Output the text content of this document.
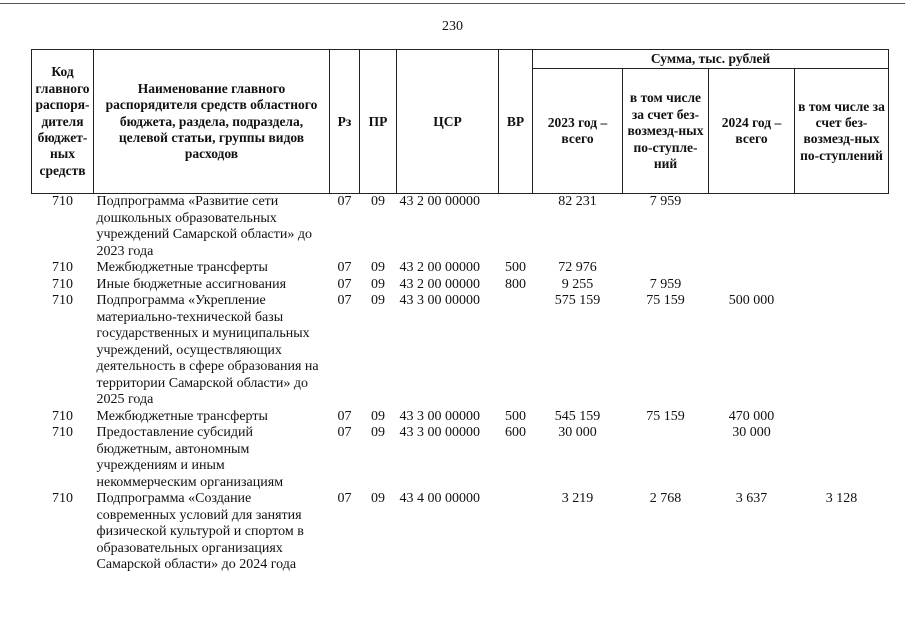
230
Код главного распоря-дителя бюджет-ных средств	Наименование главного распорядителя средств областного бюджета, раздела, подраздела, целевой статьи, группы видов расходов	Рз	ПР	ЦСР	ВР	Сумма, тыс. рублей			
						2023 год – всего	в том числе за счет без-возмезд-ных по-ступле-ний	2024 год – всего	в том числе за счет без-возмезд-ных по-ступлений
710	Подпрограмма «Развитие сети дошкольных образовательных учреждений Самарской области» до 2023 года	07	09	43 2 00 00000		82 231	7 959		
710	Межбюджетные трансферты	07	09	43 2 00 00000	500	72 976			
710	Иные бюджетные ассигнования	07	09	43 2 00 00000	800	9 255	7 959		
710	Подпрограмма «Укрепление материально-технической базы государственных и муниципальных учреждений, осуществляющих деятельность в сфере образования на территории Самарской области» до 2025 года	07	09	43 3 00 00000		575 159	75 159	500 000	
710	Межбюджетные трансферты	07	09	43 3 00 00000	500	545 159	75 159	470 000	
710	Предоставление субсидий бюджетным, автономным учреждениям и иным некоммерческим организациям	07	09	43 3 00 00000	600	30 000		30 000	
710	Подпрограмма «Создание современных условий для занятия физической культурой и спортом в образовательных организациях Самарской области» до 2024 года	07	09	43 4 00 00000		3 219	2 768	3 637	3 128
